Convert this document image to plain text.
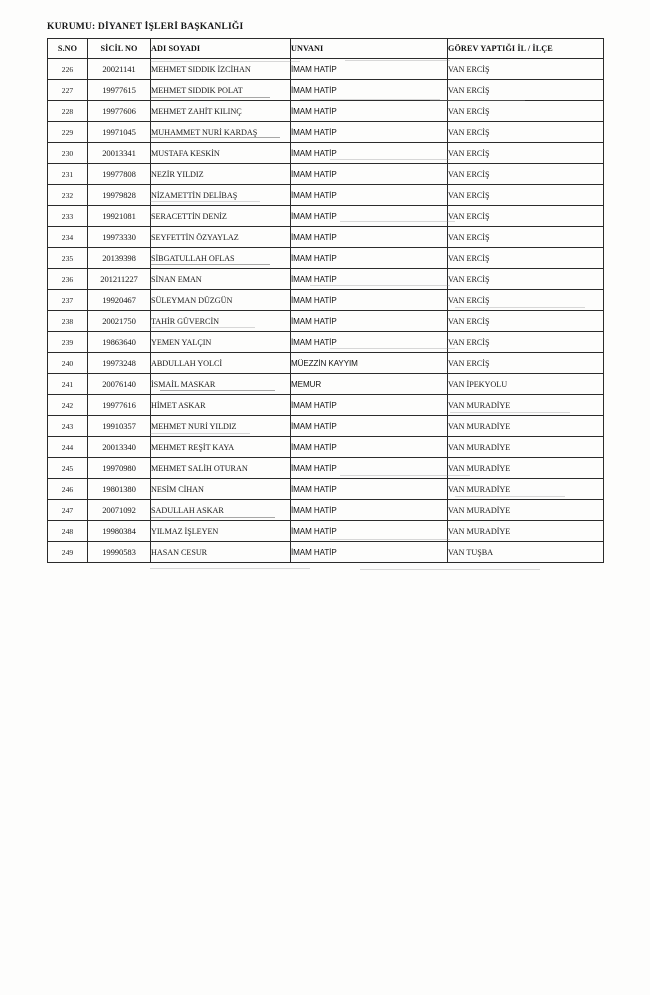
KURUMU: DİYANET İŞLERİ BAŞKANLIĞI
S.NO	SİCİL NO	ADI SOYADI	UNVANI	GÖREV YAPTIĞI İL / İLÇE
226	20021141	MEHMET SIDDIK İZCİHAN	İMAM HATİP	VAN ERCİŞ
227	19977615	MEHMET SIDDIK POLAT	İMAM HATİP	VAN ERCİŞ
228	19977606	MEHMET ZAHİT KILINÇ	İMAM HATİP	VAN ERCİŞ
229	19971045	MUHAMMET NURİ KARDAŞ	İMAM HATİP	VAN ERCİŞ
230	20013341	MUSTAFA KESKİN	İMAM HATİP	VAN ERCİŞ
231	19977808	NEZİR YILDIZ	İMAM HATİP	VAN ERCİŞ
232	19979828	NİZAMETTİN DELİBAŞ	İMAM HATİP	VAN ERCİŞ
233	19921081	SERACETTİN DENİZ	İMAM HATİP	VAN ERCİŞ
234	19973330	SEYFETTİN ÖZYAYLAZ	İMAM HATİP	VAN ERCİŞ
235	20139398	SİBGATULLAH OFLAS	İMAM HATİP	VAN ERCİŞ
236	201211227	SİNAN EMAN	İMAM HATİP	VAN ERCİŞ
237	19920467	SÜLEYMAN DÜZGÜN	İMAM HATİP	VAN ERCİŞ
238	20021750	TAHİR GÜVERCİN	İMAM HATİP	VAN ERCİŞ
239	19863640	YEMEN YALÇIN	İMAM HATİP	VAN ERCİŞ
240	19973248	ABDULLAH YOLCİ	MÜEZZİN KAYYIM	VAN ERCİŞ
241	20076140	İSMAİL MASKAR	MEMUR	VAN İPEKYOLU
242	19977616	HİMET ASKAR	İMAM HATİP	VAN MURADİYE
243	19910357	MEHMET NURİ YILDIZ	İMAM HATİP	VAN MURADİYE
244	20013340	MEHMET REŞİT KAYA	İMAM HATİP	VAN MURADİYE
245	19970980	MEHMET SALİH OTURAN	İMAM HATİP	VAN MURADİYE
246	19801380	NESİM CİHAN	İMAM HATİP	VAN MURADİYE
247	20071092	SADULLAH ASKAR	İMAM HATİP	VAN MURADİYE
248	19980384	YILMAZ İŞLEYEN	İMAM HATİP	VAN MURADİYE
249	19990583	HASAN CESUR	İMAM HATİP	VAN TUŞBA
